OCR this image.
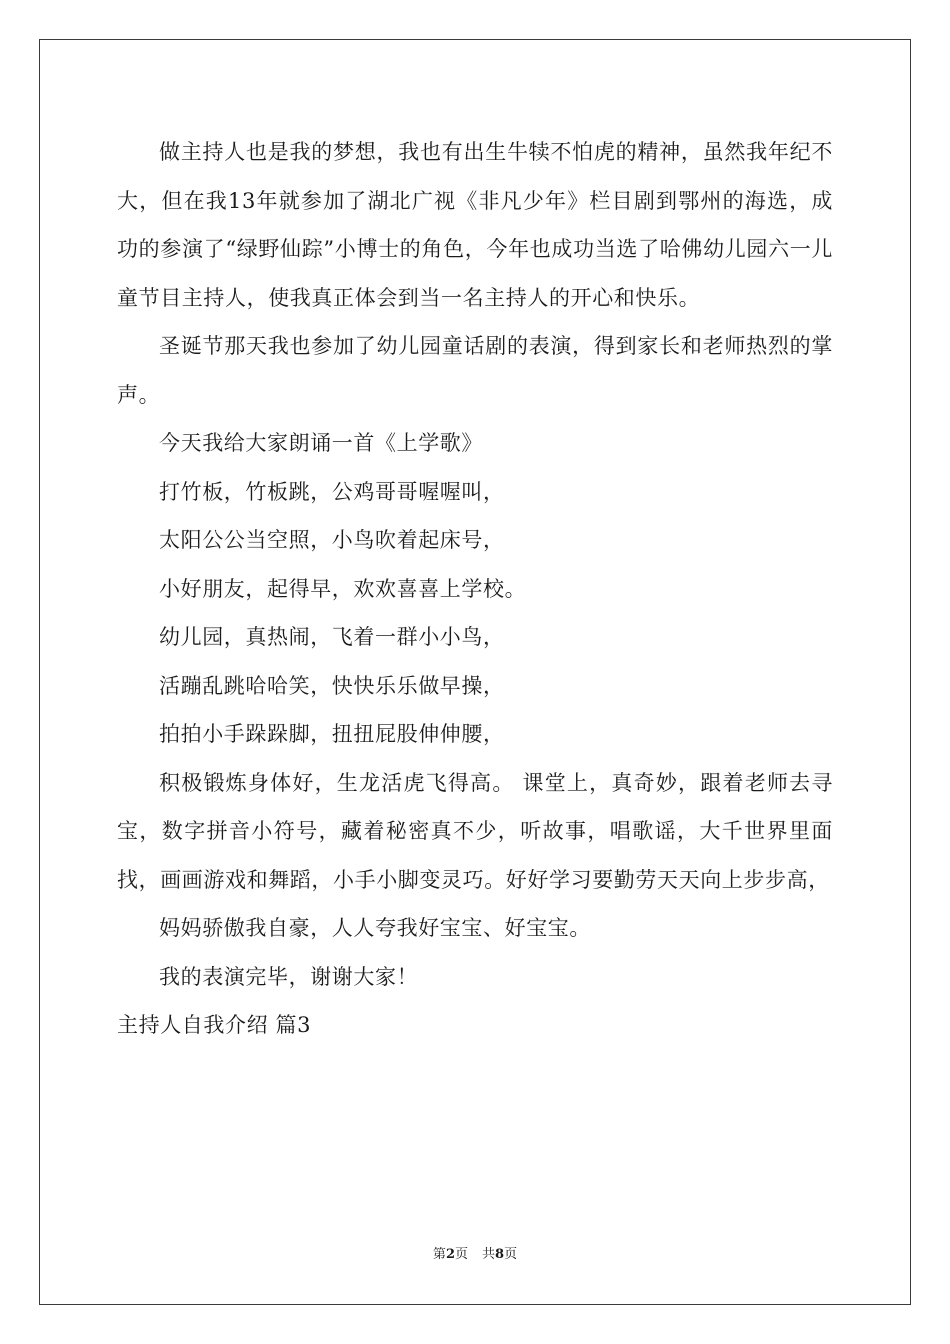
做主持人也是我的梦想，我也有出生牛犊不怕虎的精神，虽然我年纪不大，但在我13年就参加了湖北广视《非凡少年》栏目剧到鄂州的海选，成功的参演了“绿野仙踪”小博士的角色，今年也成功当选了哈佛幼儿园六一儿童节目主持人，使我真正体会到当一名主持人的开心和快乐。

圣诞节那天我也参加了幼儿园童话剧的表演，得到家长和老师热烈的掌声。

今天我给大家朗诵一首《上学歌》

打竹板，竹板跳，公鸡哥哥喔喔叫，

太阳公公当空照，小鸟吹着起床号，

小好朋友，起得早，欢欢喜喜上学校。

幼儿园，真热闹，飞着一群小小鸟，

活蹦乱跳哈哈笑，快快乐乐做早操，

拍拍小手跺跺脚，扭扭屁股伸伸腰，

积极锻炼身体好，生龙活虎飞得高。 课堂上，真奇妙，跟着老师去寻宝，数字拼音小符号，藏着秘密真不少，听故事，唱歌谣，大千世界里面找，画画游戏和舞蹈，小手小脚变灵巧。好好学习要勤劳天天向上步步高，

妈妈骄傲我自豪，人人夸我好宝宝、好宝宝。

我的表演完毕，谢谢大家！

主持人自我介绍 篇3

第2页 共8页
